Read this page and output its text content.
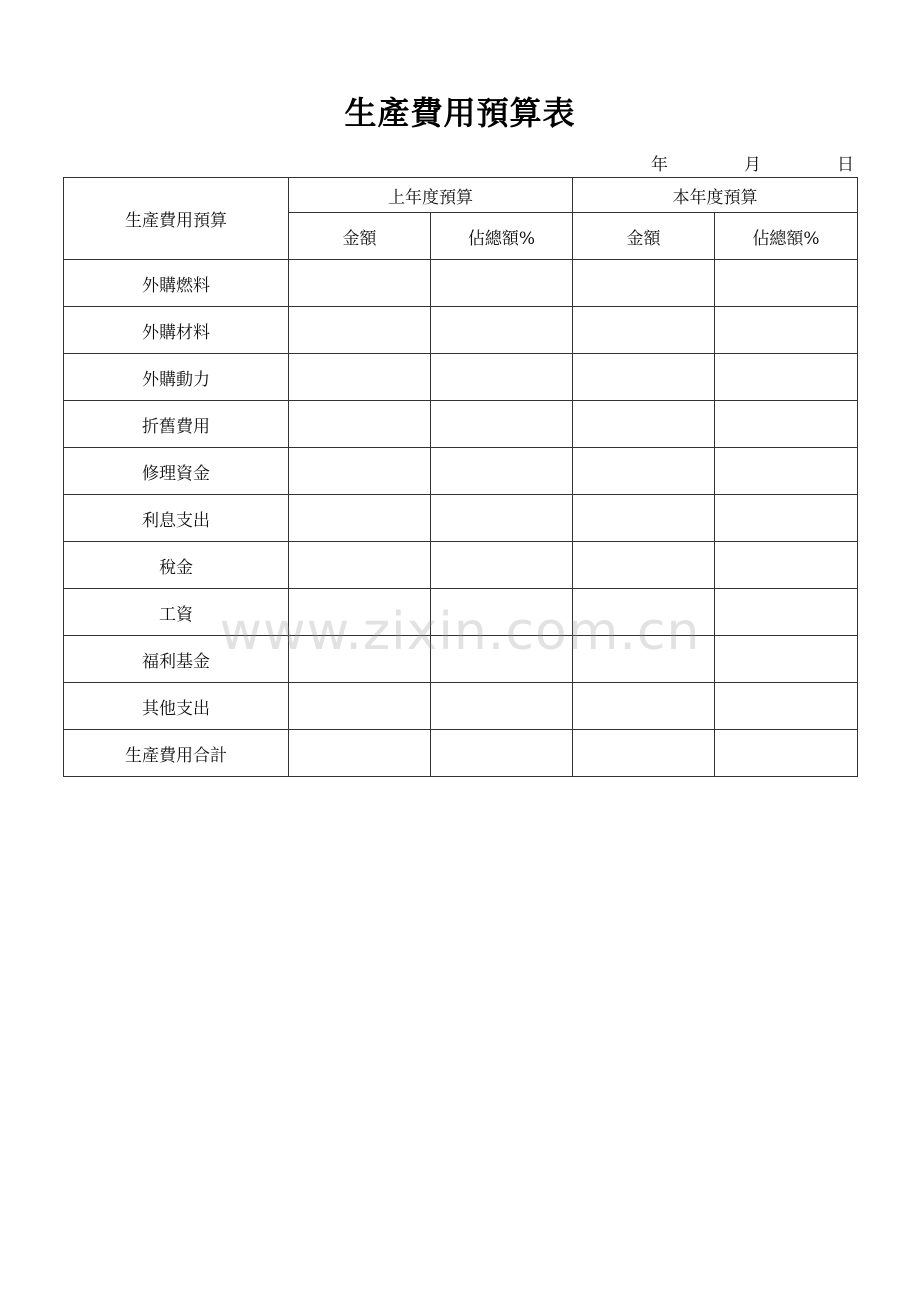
生產費用預算表
年	月	日
生產費用預算	上年度預算		本年度預算	
	金額	佔總額%	金額	佔總額%
外購燃料				
外購材料				
外購動力				
折舊費用				
修理資金				
利息支出				
稅金				
工資				
福利基金				
其他支出				
生產費用合計				
www.zixin.com.cn
